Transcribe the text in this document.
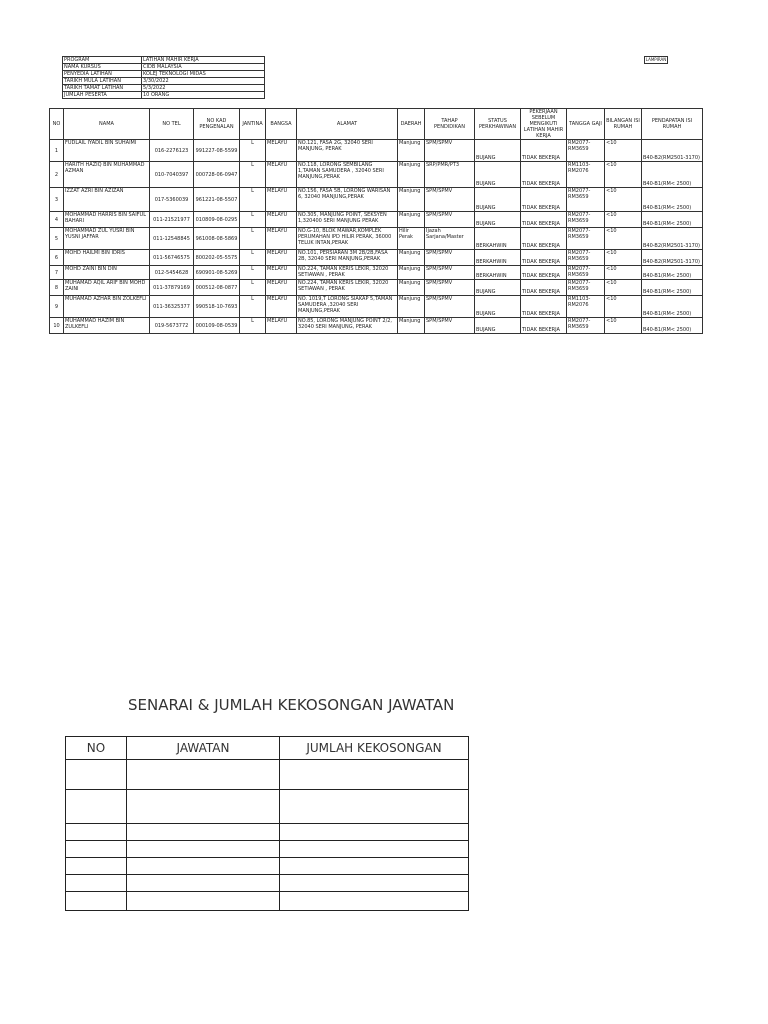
PROGRAM	LATIHAN MAHIR KERJA
NAMA KURSUS	CIDB MALAYSIA
PENYEDIA LATIHAN	KOLEJ TEKNOLOGI MIDAS
TARIKH MULA LATIHAN	3/30/2022
TARIKH TAMAT LATIHAN	5/3/2022
JUMLAH PESERTA	10 ORANG
LAMPIRAN
NO	NAMA	NO TEL	NO KAD PENGENALAN	JANTINA	BANGSA	ALAMAT	DAERAH	TAHAP PENDIDIKAN	STATUS PERKHAWINAN	PEKERJAAN SEBELUM MENGIKUTI LATIHAN MAHIR KERJA	TANGGA GAJI	BILANGAN ISI RUMAH	PENDAPATAN ISI RUMAH
1	FUDLAIL IYADIL BIN SUHAIMI	016-2276123	991227-08-5599	L	MELAYU	NO.121, FASA 2G, 32040 SERI MANJUNG, PERAK	Manjung	SPM/SPMV	BUJANG	TIDAK BEKERJA	RM2077-RM3659	<10	B40-B2(RM2501-3170)
2	HARITH HAZIQ BIN MUHAMMAD AZMAN	010-7040397	000728-06-0947	L	MELAYU	NO.118, LORONG SEMBILANG 1,TAMAN SAMUDERA , 32040 SERI MANJUNG,PERAK	Manjung	SRP/PMR/PT3	BUJANG	TIDAK BEKERJA	RM1103-RM2076	<10	B40-B1(RM< 2500)
3	IZZAT AZRI BIN AZIZAN	017-5360039	961221-08-5507	L	MELAYU	NO.156, FASA 5B, LORONG WARISAN 6, 32040 MANJUNG,PERAK	Manjung	SPM/SPMV	BUJANG	TIDAK BEKERJA	RM2077-RM3659	<10	B40-B1(RM< 2500)
4	MOHAMMAD HARRIS BIN SAIFUL BAHARI	011-21521977	010809-08-0295	L	MELAYU	NO.305, MANJUNG POINT, SEKSYEN 1,320400 SERI MANJUNG PERAK	Manjung	SPM/SPMV	BUJANG	TIDAK BEKERJA	RM2077-RM3659	<10	B40-B1(RM< 2500)
5	MOHAMMAD ZUL YUSRI BIN YUSNI JAFFAR	011-12548845	961008-08-5869	L	MELAYU	NO.G-10, BLOK MAWAR,KOMPLEK PERUMAHAN IPD HILIR PERAK, 36000 TELUK INTAN,PERAK	Hilir Perak	Ijazah Sarjana/Master	BERKAHWIN	TIDAK BEKERJA	RM2077-RM3659	<10	B40-B2(RM2501-3170)
6	MOHD HAILMI BIN IDRIS	011-56746575	800202-05-5575	L	MELAYU	NO.101, PERSIARAN 3M 2B/2B,FASA 2B, 32040 SERI MANJUNG,PERAK	Manjung	SPM/SPMV	BERKAHWIN	TIDAK BEKERJA	RM2077-RM3659	<10	B40-B2(RM2501-3170)
7	MOHD ZAINI BIN DIN	012-5454628	690901-08-5269	L	MELAYU	NO.224, TAMAN KERIS LEKIR, 32020 SETIAWAN , PERAK	Manjung	SPM/SPMV	BERKAHWIN	TIDAK BEKERJA	RM2077-RM3659	<10	B40-B1(RM< 2500)
8	MUHAMAD AQIL ARIF BIN MOHD ZAINI	011-37879169	000512-08-0877	L	MELAYU	NO.224, TAMAN KERIS LEKIR, 32020 SETIAWAN , PERAK	Manjung	SPM/SPMV	BUJANG	TIDAK BEKERJA	RM2077-RM3659	<10	B40-B1(RM< 2500)
9	MUHAMAD AZHAR BIN ZOLKEFLI	011-36325377	990518-10-7693	L	MELAYU	NO. 1019,T LORONG SIAKAP 5,TAMAN SAMUDERA ,32040 SERI MANJUNG,PERAK	Manjung	SPM/SPMV	BUJANG	TIDAK BEKERJA	RM1103-RM2076	<10	B40-B1(RM< 2500)
10	MUHAMMAD HAZIM BIN ZULKEFLI	019-5673772	000109-08-0539	L	MELAYU	NO.85, LORONG MANJUNG POINT 2/2, 32040 SERI MANJUNG, PERAK	Manjung	SPM/SPMV	BUJANG	TIDAK BEKERJA	RM2077-RM3659	<10	B40-B1(RM< 2500)
SENARAI & JUMLAH KEKOSONGAN JAWATAN
NO	JAWATAN	JUMLAH KEKOSONGAN
